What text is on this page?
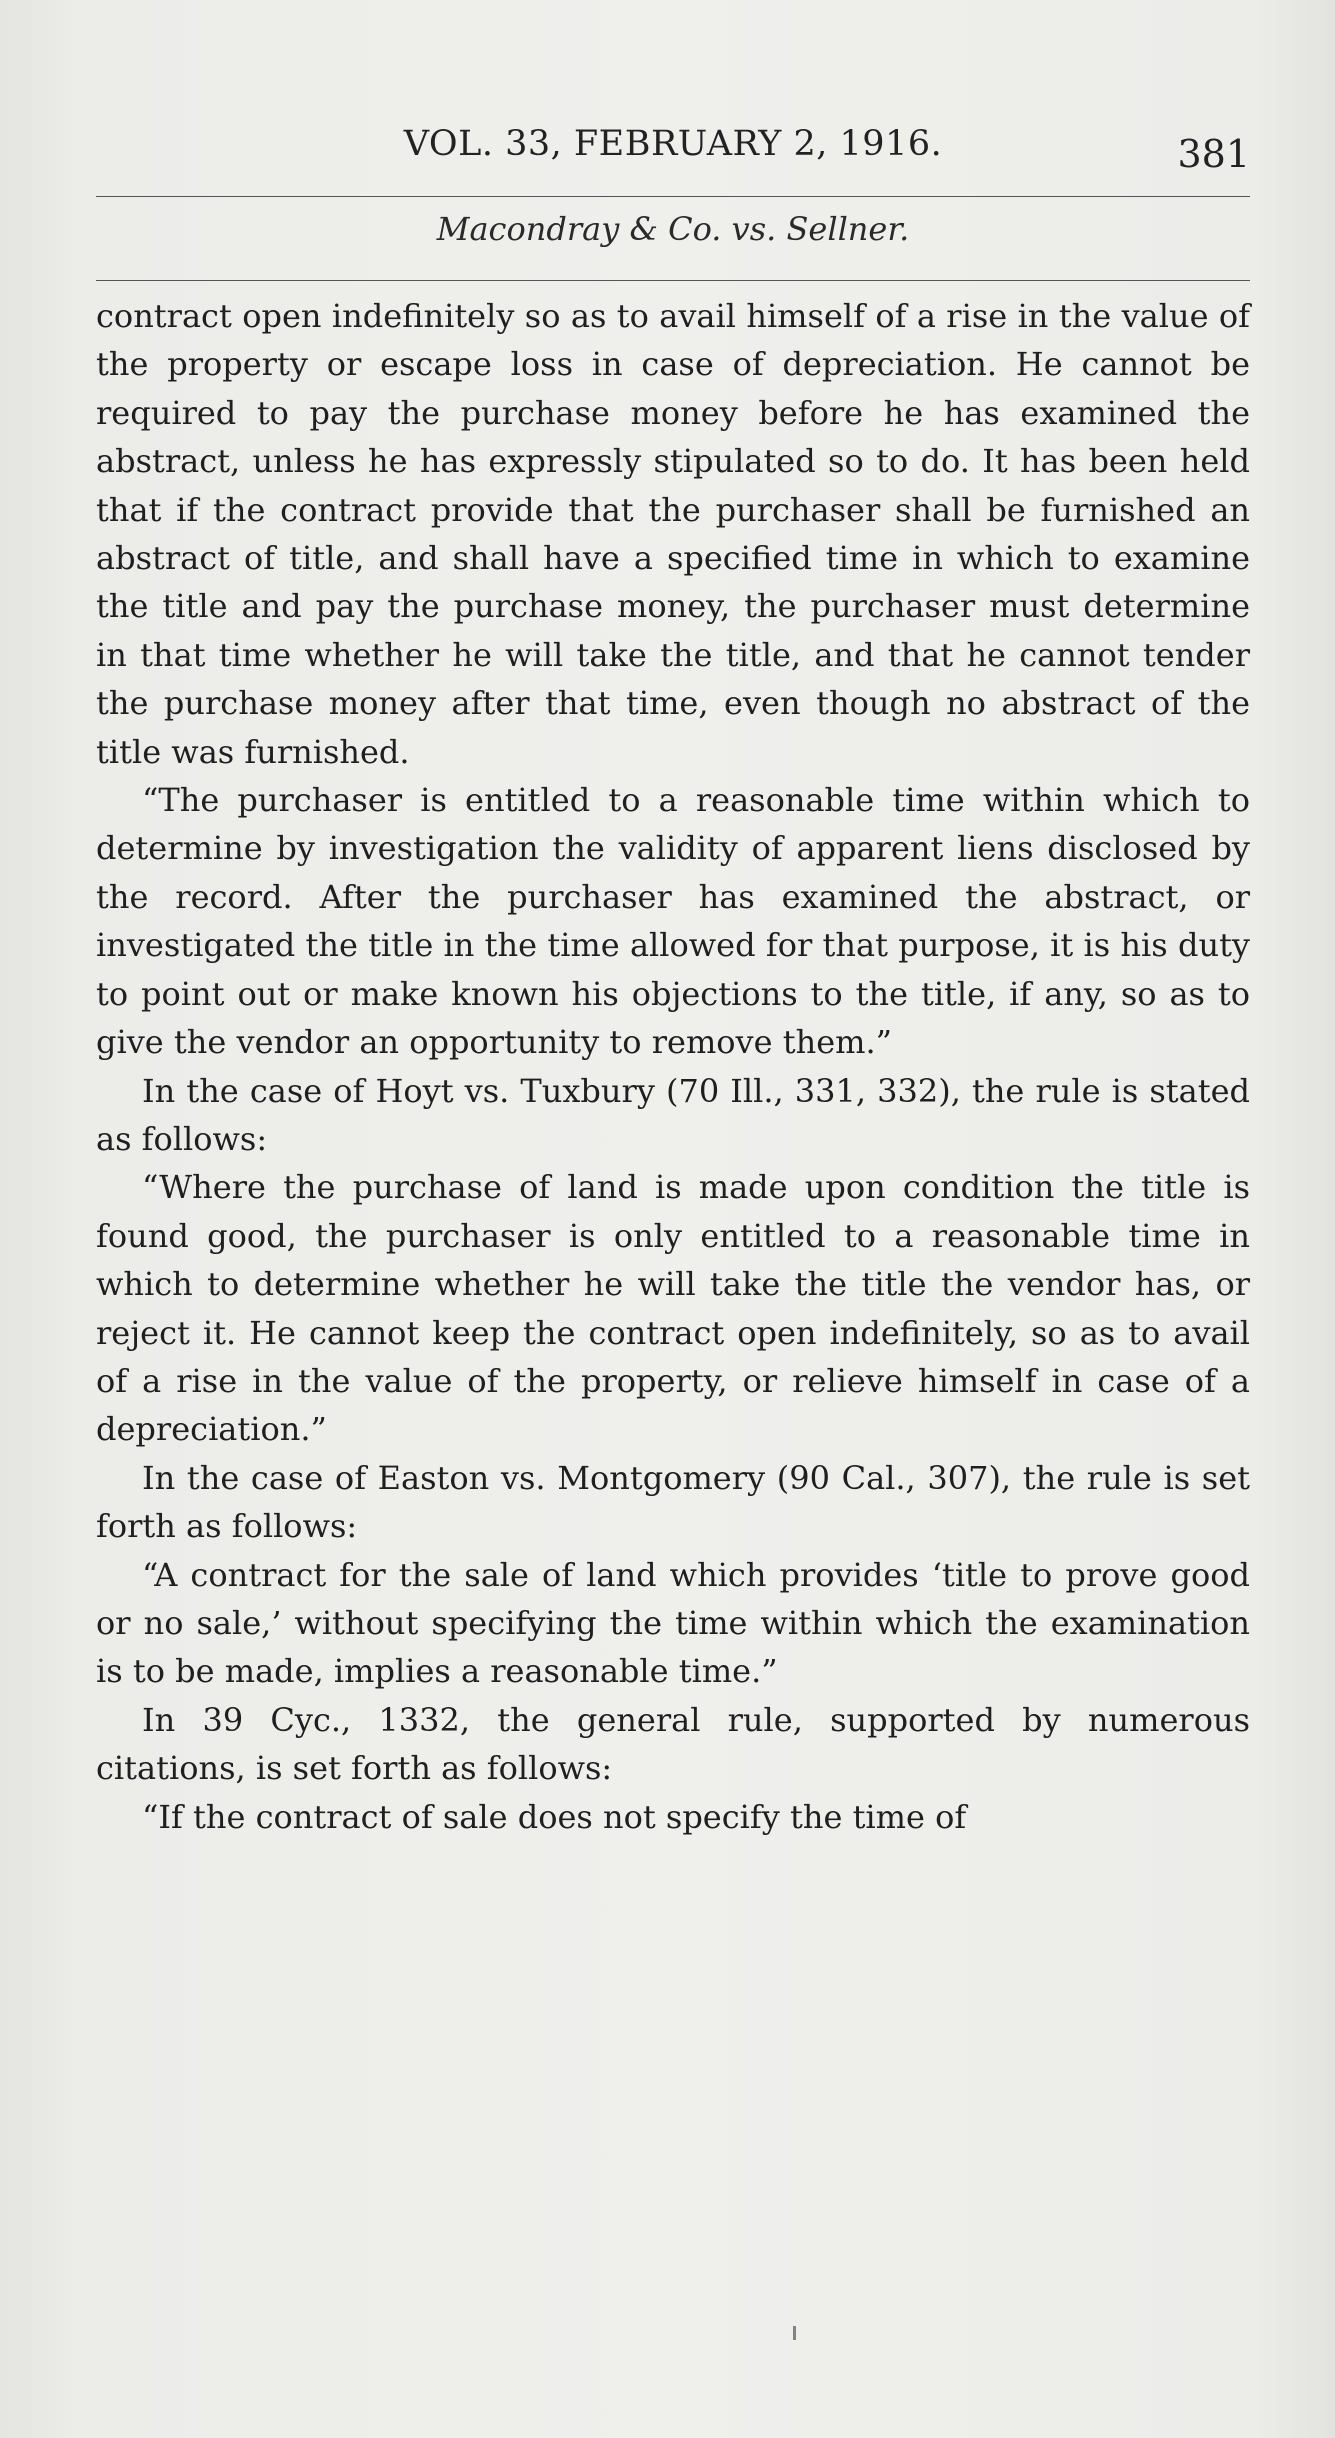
VOL. 33, FEBRUARY 2, 1916.	381
Macondray & Co. vs. Sellner.

contract open indefinitely so as to avail himself of a rise in the value of the property or escape loss in case of depreciation. He cannot be required to pay the purchase money before he has examined the abstract, unless he has expressly stipulated so to do. It has been held that if the contract provide that the purchaser shall be furnished an abstract of title, and shall have a specified time in which to examine the title and pay the purchase money, the purchaser must determine in that time whether he will take the title, and that he cannot tender the purchase money after that time, even though no abstract of the title was furnished.

“The purchaser is entitled to a reasonable time within which to determine by investigation the validity of apparent liens disclosed by the record. After the purchaser has examined the abstract, or investigated the title in the time allowed for that purpose, it is his duty to point out or make known his objections to the title, if any, so as to give the vendor an opportunity to remove them.”

In the case of Hoyt vs. Tuxbury (70 Ill., 331, 332), the rule is stated as follows:

“Where the purchase of land is made upon condition the title is found good, the purchaser is only entitled to a reasonable time in which to determine whether he will take the title the vendor has, or reject it. He cannot keep the contract open indefinitely, so as to avail of a rise in the value of the property, or relieve himself in case of a depreciation.”

In the case of Easton vs. Montgomery (90 Cal., 307), the rule is set forth as follows:

“A contract for the sale of land which provides ‘title to prove good or no sale,’ without specifying the time within which the examination is to be made, implies a reasonable time.”

In 39 Cyc., 1332, the general rule, supported by numerous citations, is set forth as follows:

“If the contract of sale does not specify the time of
